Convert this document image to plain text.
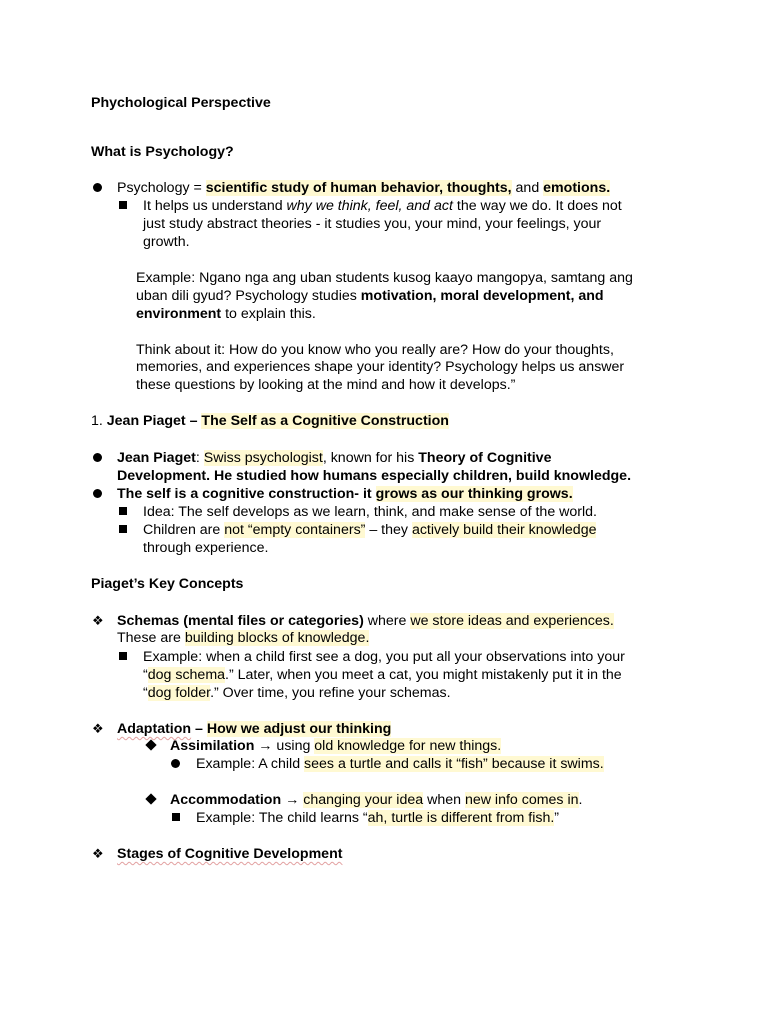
Phychological Perspective
What is Psychology?
Psychology = scientific study of human behavior, thoughts, and emotions.
It helps us understand why we think, feel, and act the way we do. It does not
just study abstract theories - it studies you, your mind, your feelings, your
growth.
Example: Ngano nga ang uban students kusog kaayo mangopya, samtang ang
uban dili gyud? Psychology studies motivation, moral development, and
environment to explain this.
Think about it: How do you know who you really are? How do your thoughts,
memories, and experiences shape your identity? Psychology helps us answer
these questions by looking at the mind and how it develops.”
1. Jean Piaget – The Self as a Cognitive Construction
Jean Piaget: Swiss psychologist, known for his Theory of Cognitive
Development. He studied how humans especially children, build knowledge.
The self is a cognitive construction- it grows as our thinking grows.
Idea: The self develops as we learn, think, and make sense of the world.
Children are not “empty containers” – they actively build their knowledge
through experience.
Piaget’s Key Concepts
❖ Schemas (mental files or categories) where we store ideas and experiences.
These are building blocks of knowledge.
Example: when a child first see a dog, you put all your observations into your
“dog schema.” Later, when you meet a cat, you might mistakenly put it in the
“dog folder.” Over time, you refine your schemas.
❖ Adaptation – How we adjust our thinking
Assimilation → using old knowledge for new things.
Example: A child sees a turtle and calls it “fish” because it swims.
Accommodation → changing your idea when new info comes in.
Example: The child learns “ah, turtle is different from fish.”
❖ Stages of Cognitive Development
